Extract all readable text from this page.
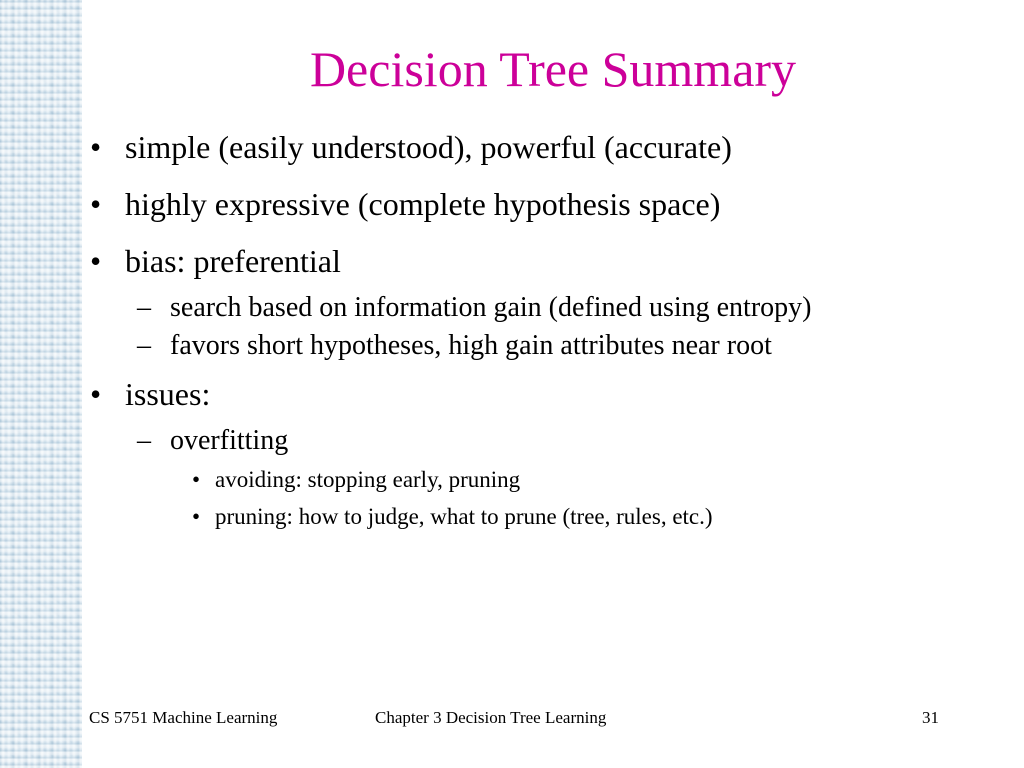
Decision Tree Summary
• simple (easily understood), powerful (accurate)
• highly expressive (complete hypothesis space)
• bias: preferential
– search based on information gain (defined using entropy)
– favors short hypotheses, high gain attributes near root
• issues:
– overfitting
• avoiding: stopping early, pruning
• pruning: how to judge, what to prune (tree, rules, etc.)
CS 5751 Machine Learning	Chapter 3 Decision Tree Learning	31
